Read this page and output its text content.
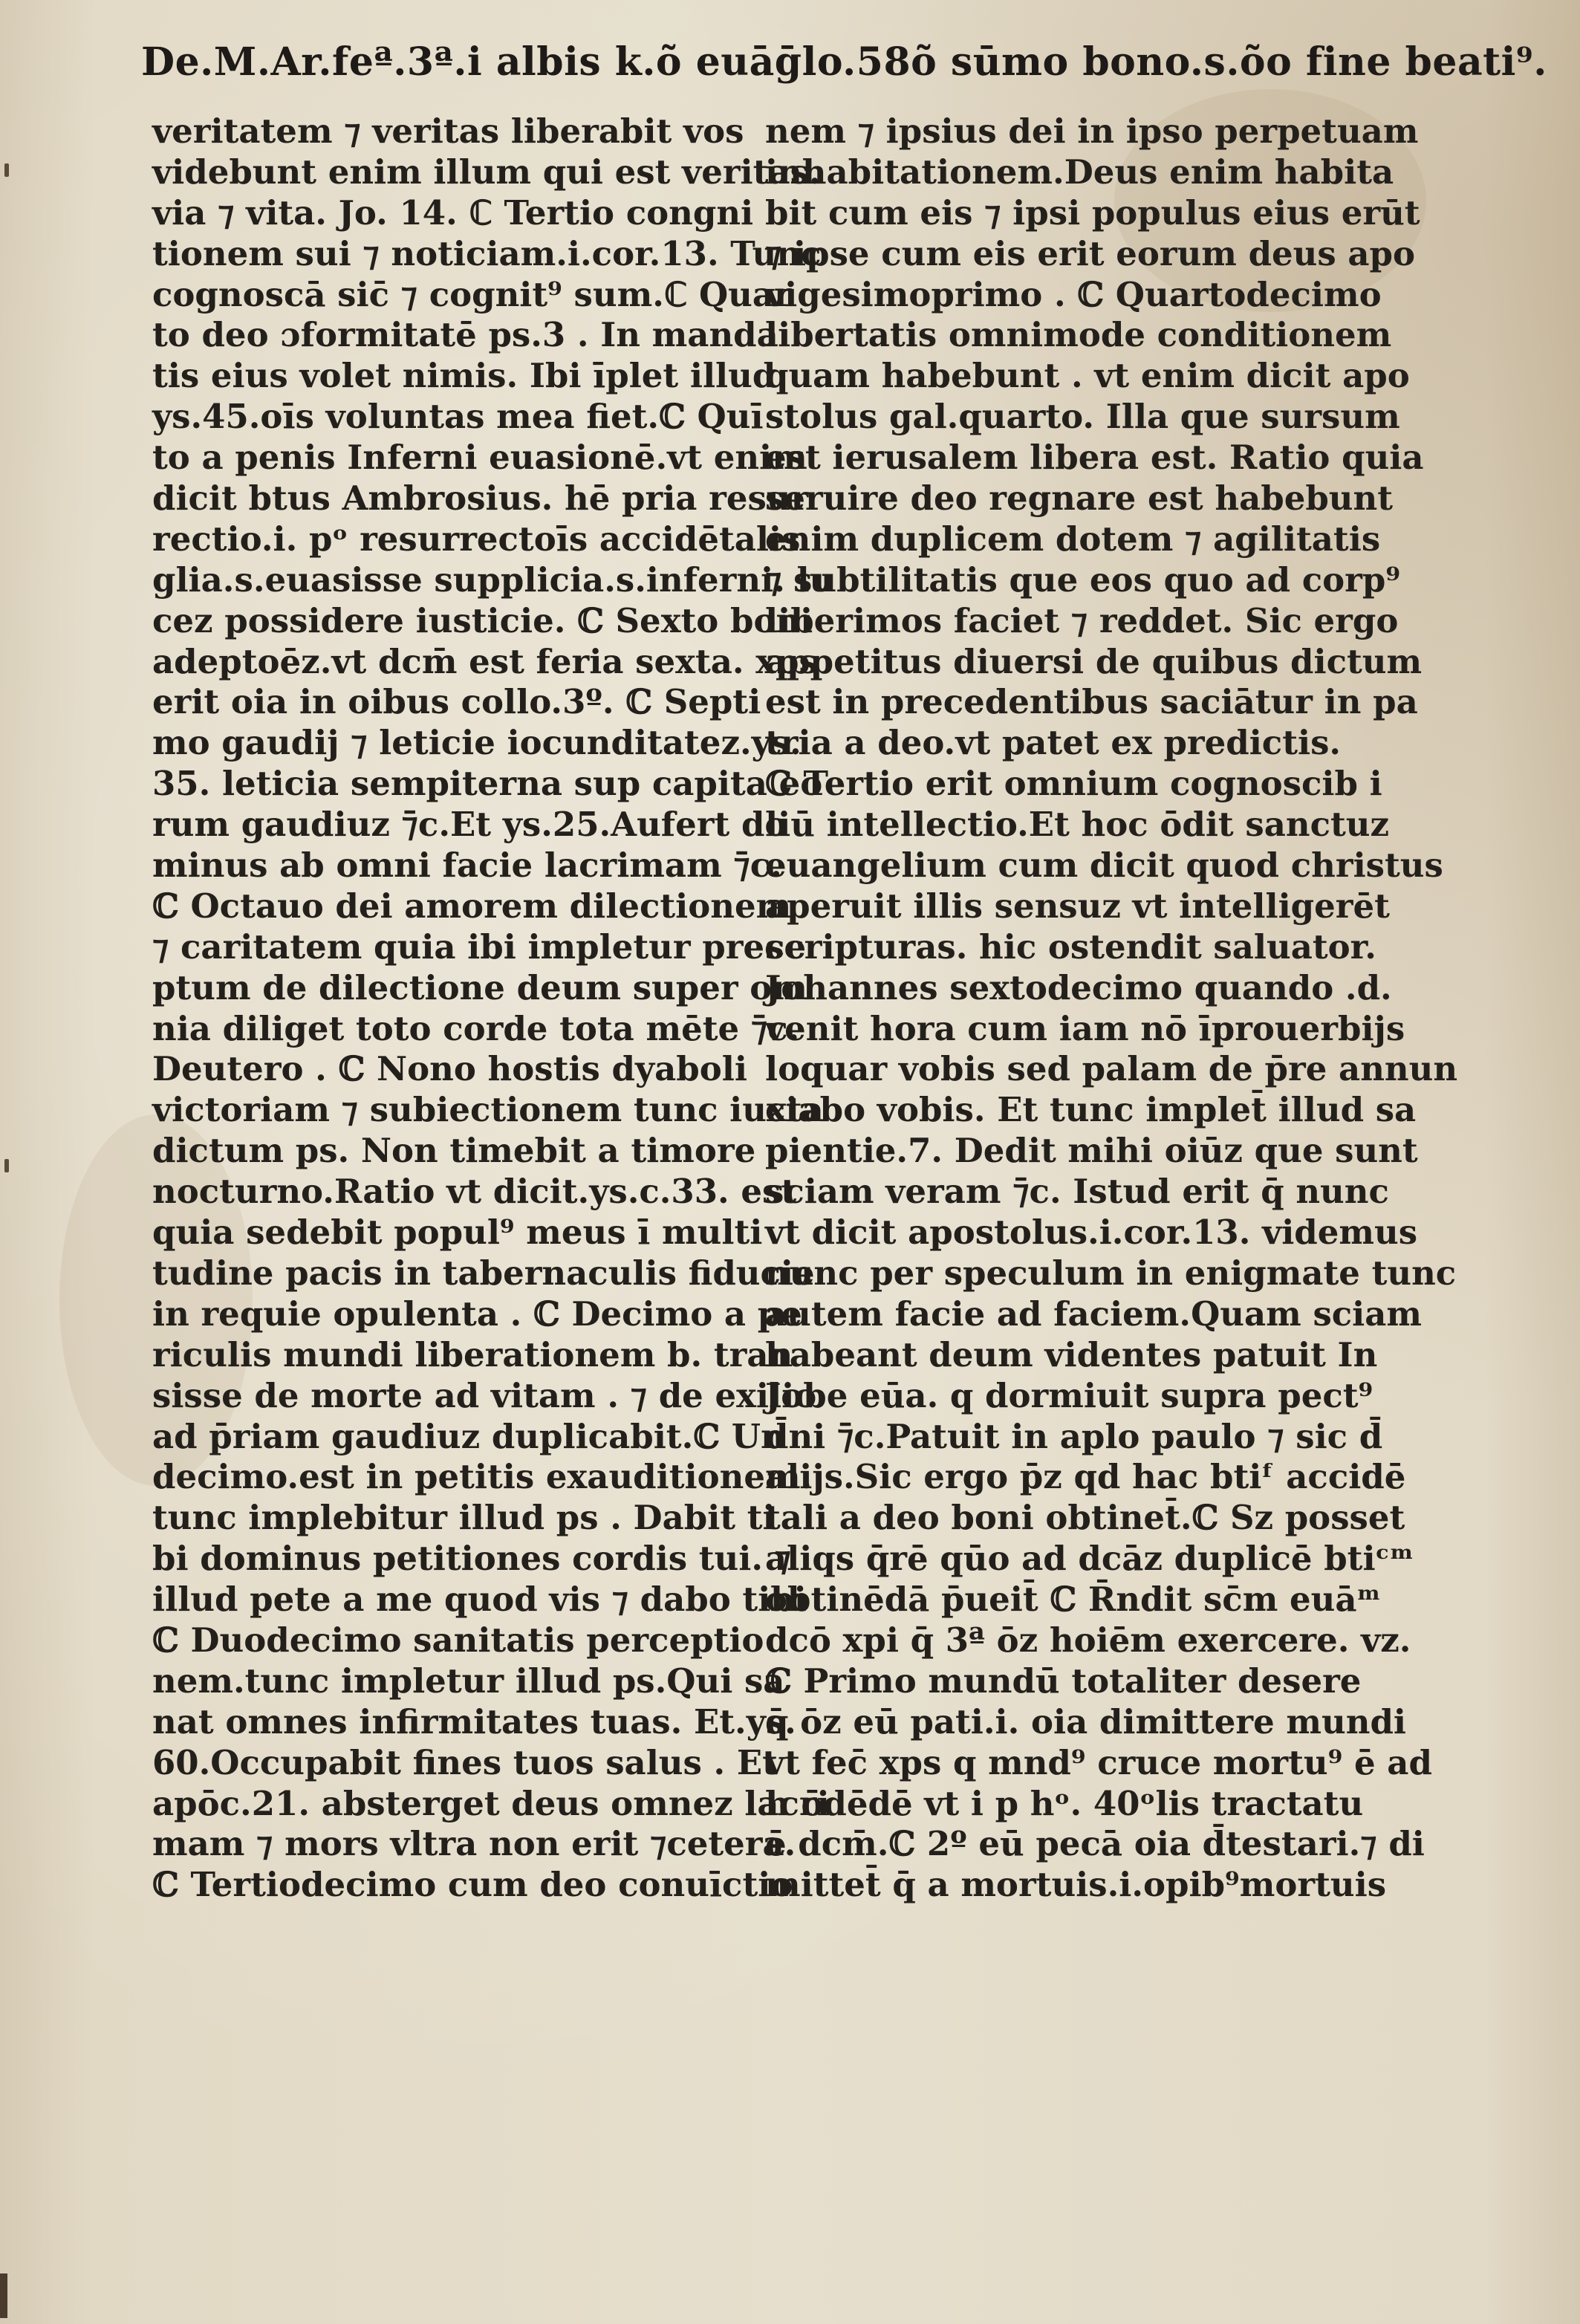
De.M.Ar.feª.3ª.i albis k.õ euāḡlo.58õ sūmo bono.s.õo fine beati⁹.
veritatem ⁊ veritas liberabit vos
videbunt enim illum qui est veritas.
via ⁊ vita. Jo. 14. ℂ Tertio congni
tionem sui ⁊ noticiam.i.cor.13. Tunc
cognoscā sic̄ ⁊ cognit⁹ sum.ℂ Quar
to deo ɔformitatē ps.3 . In manda
tis eius volet nimis. Ibi īplet illud
ys.45.oīs voluntas mea fiet.ℂ Quī
to a penis Inferni euasionē.vt enim
dicit btus Ambrosius. hē pria resur
rectio.i. pᵒ resurrectoīs accidētalis
glia.s.euasisse supplicia.s.inferni. lu
cez possidere iusticie. ℂ Sexto boni
adeptoēz.vt dcm̄ est feria sexta. xps
erit oia in oibus collo.3º. ℂ Septi
mo gaudij ⁊ leticie iocunditatez.ys.
35. leticia sempiterna sup capita eo
rum gaudiuz ⁊̄c.Et ys.25.Aufert do
minus ab omni facie lacrimam ⁊̄c.
ℂ Octauo dei amorem dilectionem
⁊ caritatem quia ibi impletur prece
ptum de dilectione deum super om
nia diliget toto corde tota mēte ⁊̄c.
Deutero . ℂ Nono hostis dyaboli
victoriam ⁊ subiectionem tunc iuxta
dictum ps. Non timebit a timore
nocturno.Ratio vt dicit.ys.c.33. est
quia sedebit popul⁹ meus ī multi
tudine pacis in tabernaculis fiducie
in requie opulenta . ℂ Decimo a pe
riculis mundi liberationem b. tran
sisse de morte ad vitam . ⁊ de exilio
ad p̄riam gaudiuz duplicabit.ℂ Un
decimo.est in petitis exauditionem.
tunc implebitur illud ps . Dabit ti
bi dominus petitiones cordis tui. ⁊
illud pete a me quod vis ⁊ dabo tibi
ℂ Duodecimo sanitatis perceptio
nem.tunc impletur illud ps.Qui sa
nat omnes infirmitates tuas. Et.ys.
60.Occupabit fines tuos salus . Et
apōc.21. absterget deus omnez lacri
mam ⁊ mors vltra non erit ⁊cetera.
ℂ Tertiodecimo cum deo conuīctio
nem ⁊ ipsius dei in ipso perpetuam
inhabitationem.Deus enim habita
bit cum eis ⁊ ipsi populus eius erūt
⁊ ipse cum eis erit eorum deus apo
vigesimoprimo . ℂ Quartodecimo
libertatis omnimode conditionem
quam habebunt . vt enim dicit apo
stolus gal.quarto. Illa que sursum
est ierusalem libera est. Ratio quia
seruire deo regnare est habebunt
enim duplicem dotem ⁊ agilitatis
⁊ subtilitatis que eos quo ad corp⁹
liberimos faciet ⁊ reddet. Sic ergo
appetitus diuersi de quibus dictum
est in precedentibus saciātur in pa
tria a deo.vt patet ex predictis.
ℂ Tertio erit omnium cognoscib i
liū intellectio.Et hoc ōdit sanctuz
euangelium cum dicit quod christus
aperuit illis sensuz vt intelligerēt
scripturas. hic ostendit saluator.
Johannes sextodecimo quando .d.
venit hora cum iam nō īprouerbijs
loquar vobis sed palam de p̄re annun
ciabo vobis. Et tunc implet̄ illud sa
pientie.7. Dedit mihi oiūz que sunt
sciam veram ⁊̄c. Istud erit q̄ nunc
vt dicit apostolus.i.cor.13. videmus
nunc per speculum in enigmate tunc
autem facie ad faciem.Quam sciam
habeant deum videntes patuit In
Jobe eūa. q dormiuit supra pect⁹
d̄ni ⁊̄c.Patuit in aplo paulo ⁊ sic d̄
alijs.Sic ergo p̄z qd hac btiᶠ accidē
tali a deo boni obtinet̄.ℂ Sz posset
aliqs q̄rē qūo ad dcāz duplicē btiᶜᵐ
obtinēdā p̄ueit̄ ℂ R̄ndit sc̄m euāᵐ
dcō xpi q̄ 3ª ōz hoiēm exercere. vz.
ℂ Primo mundū totaliter desere
q̄ ōz eū pati.i. oia dimittere mundi
vt fec̄ xps q mnd⁹ cruce mortu⁹ ē ad
h ōdēdē vt i p hᵒ. 40ᵒlis tractatu
ē dcm̄.ℂ 2º eū pecā oia d̄testari.⁊ di
mittet̄ q̄ a mortuis.i.opib⁹mortuis
